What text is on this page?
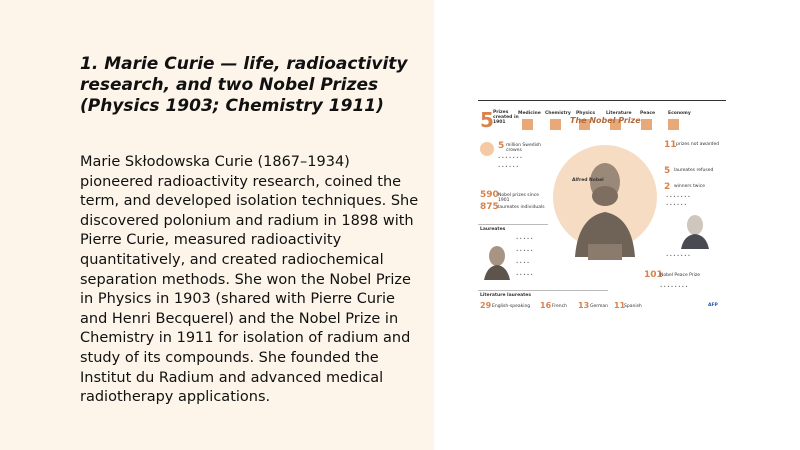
1. Marie Curie — life, radioactivity research, and two Nobel Prizes (Physics 1903; Chemistry 1911)
Marie Skłodowska Curie (1867–1934) pioneered radioactivity research, coined the term, and developed isolation techniques. She discovered polonium and radium in 1898 with Pierre Curie, measured radioactivity quantitatively, and created radiochemical separation methods. She won the Nobel Prize in Physics in 1903 (shared with Pierre Curie and Henri Becquerel) and the Nobel Prize in Chemistry in 1911 for isolation of radium and study of its compounds. She founded the Institut du Radium and advanced medical radiotherapy applications.
5 Prizes created in 1901
Medicine Chemistry Physics Literature Peace	Economy
The Nobel Prize
Alfred Nobel
5 million Swedish crowns
• • • • • • •
• • • • • •
590 Nobel prizes since 1901
875 laureates individuals
Laureates
• • • • •
• • • • •
• • • •
• • • • •
11 prizes not awarded
5 laureates refused
2 winners twice
• • • • • • •
• • • • • •
• • • • • • •
101
Nobel Peace Prize
• • • • • • • •
Literature laureates
29 English-speaking 16 French 13 German 11
Spanish	AFP
